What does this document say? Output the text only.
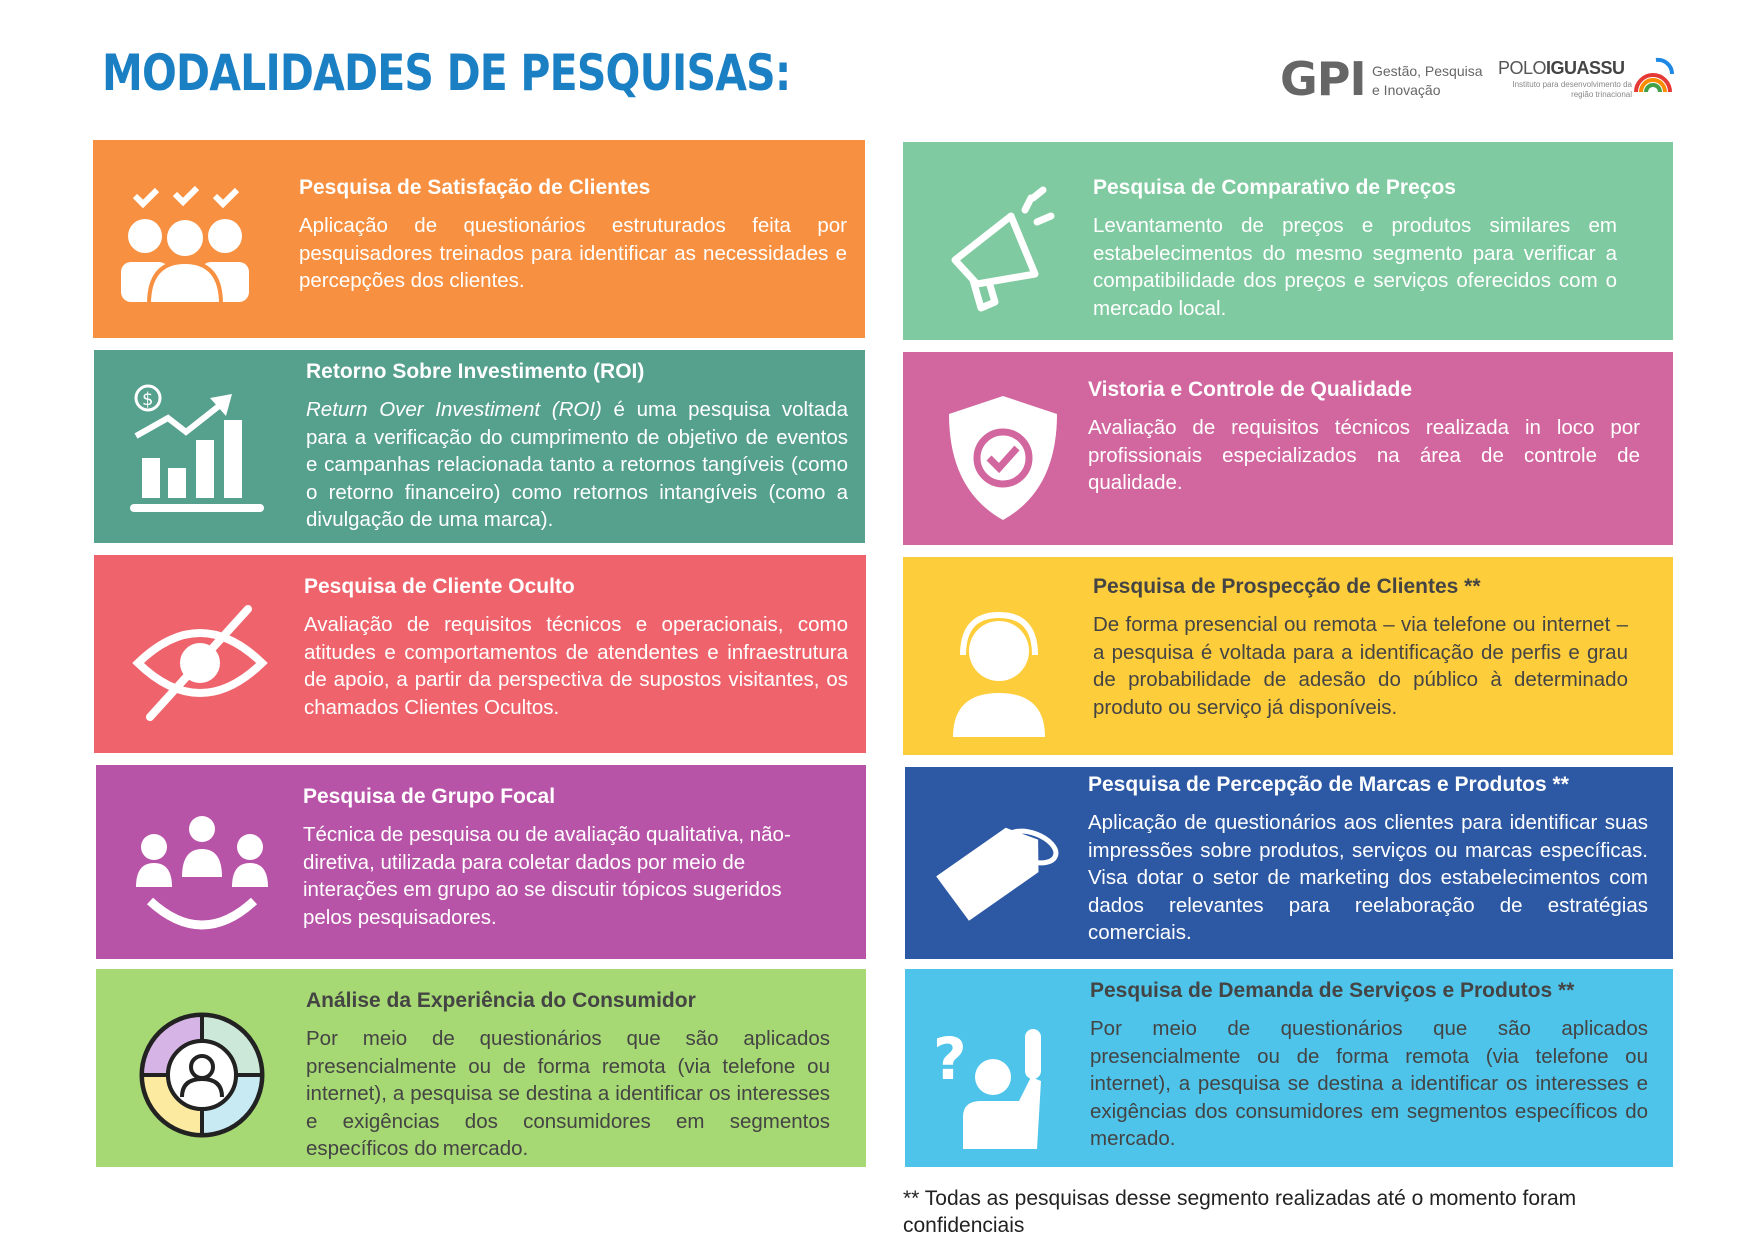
MODALIDADES DE PESQUISAS:	GPI Gestão, Pesquisa e Inovação
POLOIGUASSU
Instituto para desenvolvimento da região trinacional
Pesquisa de Satisfação de Clientes

Aplicação de questionários estruturados feita por pesquisadores treinados para identificar as necessidades e percepções dos clientes.

Pesquisa de Comparativo de Preços

Levantamento de preços e produtos similares em estabelecimentos do mesmo segmento para verificar a compatibilidade dos preços e serviços oferecidos com o mercado local.

$
Retorno Sobre Investimento (ROI)

Return Over Investiment (ROI) é uma pesquisa voltada para a verificação do cumprimento de objetivo de eventos e campanhas relacionada tanto a retornos tangíveis (como o retorno financeiro) como retornos intangíveis (como a divulgação de uma marca).

Vistoria e Controle de Qualidade

Avaliação de requisitos técnicos realizada in loco por profissionais especializados na área de controle de qualidade.

Pesquisa de Cliente Oculto

Avaliação de requisitos técnicos e operacionais, como atitudes e comportamentos de atendentes e infraestrutura de apoio, a partir da perspectiva de supostos visitantes, os chamados Clientes Ocultos.

Pesquisa de Prospecção de Clientes **

De forma presencial ou remota – via telefone ou internet – a pesquisa é voltada para a identificação de perfis e grau de probabilidade de adesão do público à determinado produto ou serviço já disponíveis.

Pesquisa de Grupo Focal

Técnica de pesquisa ou de avaliação qualitativa, não-diretiva, utilizada para coletar dados por meio de interações em grupo ao se discutir tópicos sugeridos pelos pesquisadores.

Pesquisa de Percepção de Marcas e Produtos **

Aplicação de questionários aos clientes para identificar suas impressões sobre produtos, serviços ou marcas específicas. Visa dotar o setor de marketing dos estabelecimentos com dados relevantes para reelaboração de estratégias comerciais.

Análise da Experiência do Consumidor

Por meio de questionários que são aplicados presencialmente ou de forma remota (via telefone ou internet), a pesquisa se destina a identificar os interesses e exigências dos consumidores em segmentos específicos do mercado.

?
Pesquisa de Demanda de Serviços e Produtos **

Por meio de questionários que são aplicados presencialmente ou de forma remota (via telefone ou internet), a pesquisa se destina a identificar os interesses e exigências dos consumidores em segmentos específicos do mercado.

** Todas as pesquisas desse segmento realizadas até o momento foram confidenciais
